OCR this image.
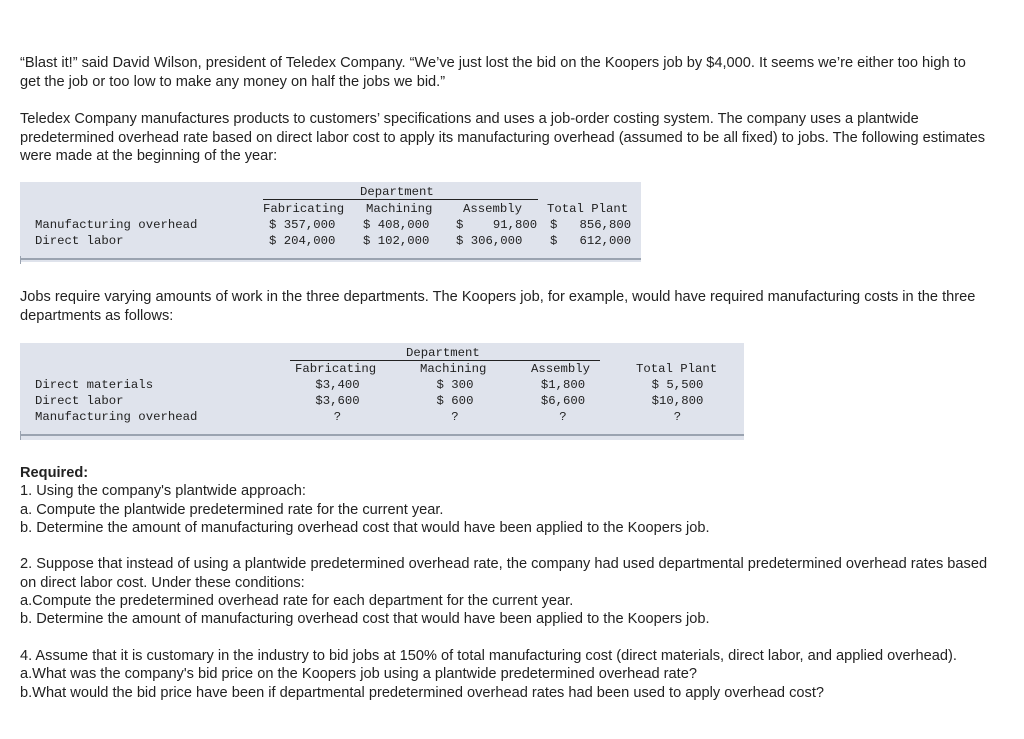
“Blast it!” said David Wilson, president of Teledex Company. “We’ve just lost the bid on the Koopers job by $4,000. It seems we’re either too high to get the job or too low to make any money on half the jobs we bid.”

Teledex Company manufactures products to customers’ specifications and uses a job-order costing system. The company uses a plantwide predetermined overhead rate based on direct labor cost to apply its manufacturing overhead (assumed to be all fixed) to jobs. The following estimates were made at the beginning of the year:

Department
Fabricating Machining Assembly Total Plant
Manufacturing overhead	$ 357,000 $ 408,000 $    91,800 $   856,800
Direct labor	$ 204,000 $ 102,000 $ 306,000 $   612,000

Jobs require varying amounts of work in the three departments. The Koopers job, for example, would have required manufacturing costs in the three departments as follows:

Department
Fabricating	Machining	Assembly	Total Plant
Direct materials	$3,400	$ 300	$1,800	$ 5,500
Direct labor	$3,600	$ 600	$6,600	$10,800
Manufacturing overhead	?	?	?	?
Required:
1. Using the company's plantwide approach:
a. Compute the plantwide predetermined rate for the current year.
b. Determine the amount of manufacturing overhead cost that would have been applied to the Koopers job.
2. Suppose that instead of using a plantwide predetermined overhead rate, the company had used departmental predetermined overhead rates based on direct labor cost. Under these conditions:
a.Compute the predetermined overhead rate for each department for the current year.
b. Determine the amount of manufacturing overhead cost that would have been applied to the Koopers job.
4. Assume that it is customary in the industry to bid jobs at 150% of total manufacturing cost (direct materials, direct labor, and applied overhead).
a.What was the company's bid price on the Koopers job using a plantwide predetermined overhead rate?
b.What would the bid price have been if departmental predetermined overhead rates had been used to apply overhead cost?
